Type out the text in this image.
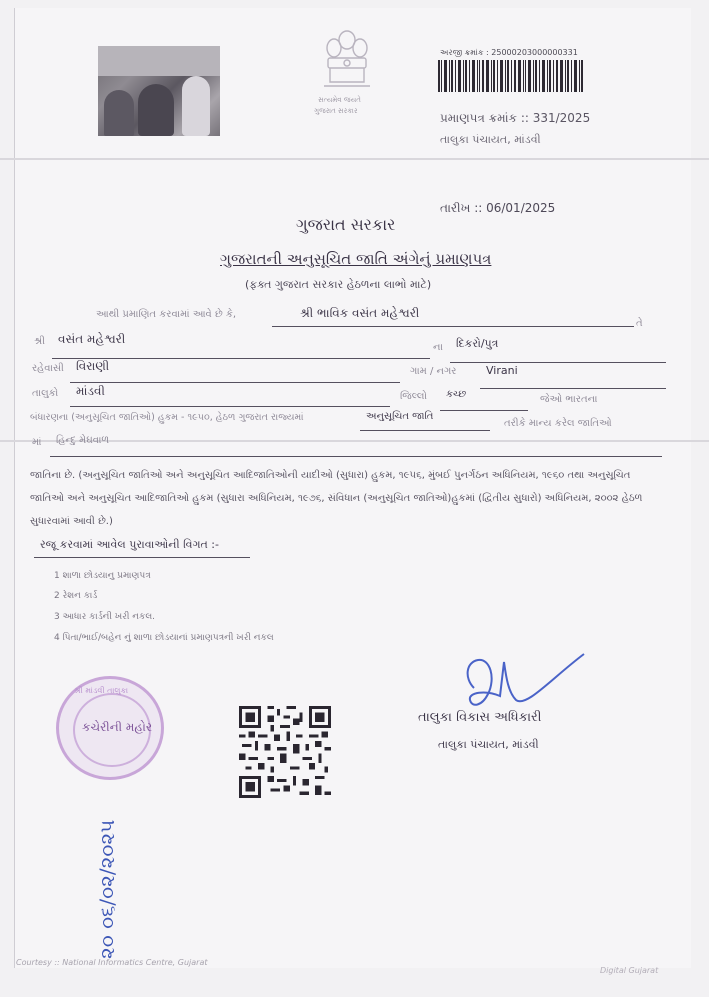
સત્યમેવ જયતે
ગુજરાત સરકાર
અરજી ક્રમાંક : 25000203000000331
પ્રમાણપત્ર ક્રમાંક :: 331/2025
તાલુકા પંચાયત, માંડવી
તારીખ :: 06/01/2025
ગુજરાત સરકાર
ગુજરાતની અનુસૂચિત જાતિ અંગેનું પ્રમાણપત્ર
(ફક્ત ગુજરાત સરકાર હેઠળના લાભો માટે)
આથી પ્રમાણિત કરવામાં આવે છે કે,	શ્રી ભાવિક વસંત મહેશ્વરી
તે
શ્રી વસંત મહેશ્વરી
ના દિકરો/પુત્ર
રહેવાસી વિરાણી	ગામ / નગર	Virani
તાલુકો માંડવી	જિલ્લો કચ્છ	જેઓ ભારતના
બંધારણના (અનુસૂચિત જાતિઓ) હુકમ - ૧૯૫૦, હેઠળ ગુજરાત રાજ્યમાં	અનુસૂચિત જાતિ
તરીકે માન્ય કરેલ જાતિઓ
માં હિન્દુ મેઘવાળ
જાતિના છે. (અનુસૂચિત જાતિઓ અને અનુસૂચિત આદિજાતિઓની યાદીઓ (સુધારા) હુકમ, ૧૯૫૬, મુંબઈ પુનર્ગઠન અધિનિયમ, ૧૯૬૦ તથા અનુસૂચિત જાતિઓ અને અનુસૂચિત આદિજાતિઓ હુકમ (સુધારા અધિનિયમ, ૧૯૭૬, સંવિધાન (અનુસૂચિત જાતિઓ)હુકમાં (દ્વિતીય સુધારો) અધિનિયમ, ૨૦૦૨ હેઠળ સુધારવામાં આવી છે.)
રજૂ કરવામાં આવેલ પુરાવાઓની વિગત :-
1 શાળા છોડયાનુ પ્રમાણપત્ર
2 રેશન કાર્ડ
3 આધાર કાર્ડની ખરી નકલ.
4 પિતા/ભાઈ/બહેન નું શાળા છોડયાનાં પ્રમાણપત્રની ખરી નકલ
શ્રી માંડવી તાલુકા
કચેરીની મહોર
તાલુકા વિકાસ અધિકારી
તાલુકા પંચાયત, માંડવી
૨૦ ૦૬/૦૨/૨૦૨૫
Courtesy :: National Informatics Centre, Gujarat
Digital Gujarat
